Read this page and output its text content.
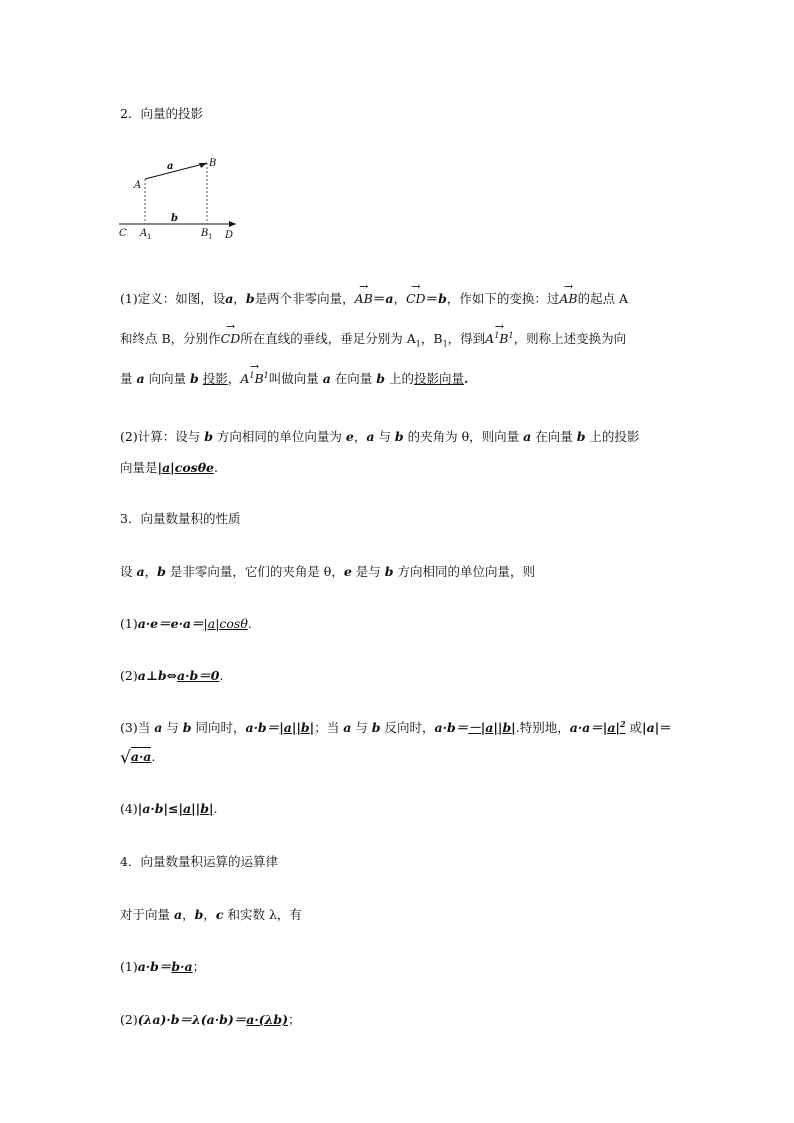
2．向量的投影
a
b
A
B
C	D
A 1	B 1
(1)定义：如图，设a，b是两个非零向量，→ AB＝a，→ CD＝b，作如下的变换：过→ AB的起点 A
和终点 B，分别作→ CD所在直线的垂线，垂足分别为 $A_1$，$B_1$，得到→ $A^1B^1$，则称上述变换为向
量 a 向向量 b 投影，→ $A^1B^1$叫做向量 a 在向量 b 上的投影向量.
(2)计算：设与 b 方向相同的单位向量为 e，a 与 b 的夹角为 θ，则向量 a 在向量 b 上的投影
向量是|a|cosθe.
3．向量数量积的性质
设 a，b 是非零向量，它们的夹角是 θ，e 是与 b 方向相同的单位向量，则
(1)a·e＝e·a＝|a|cosθ.
(2)a⊥b⇔a·b＝0.
(3)当 a 与 b 同向时，a·b＝|a||b|；当 a 与 b 反向时，a·b＝－|a||b|.特别地，$a\cdot a=|a|^2$ 或|a|＝
√a·a.
(4)|a·b|≤|a||b|.
4．向量数量积运算的运算律
对于向量 a，b，c 和实数 λ，有
(1)a·b＝b·a；
(2)(λa)·b＝λ(a·b)＝a·(λb)；
